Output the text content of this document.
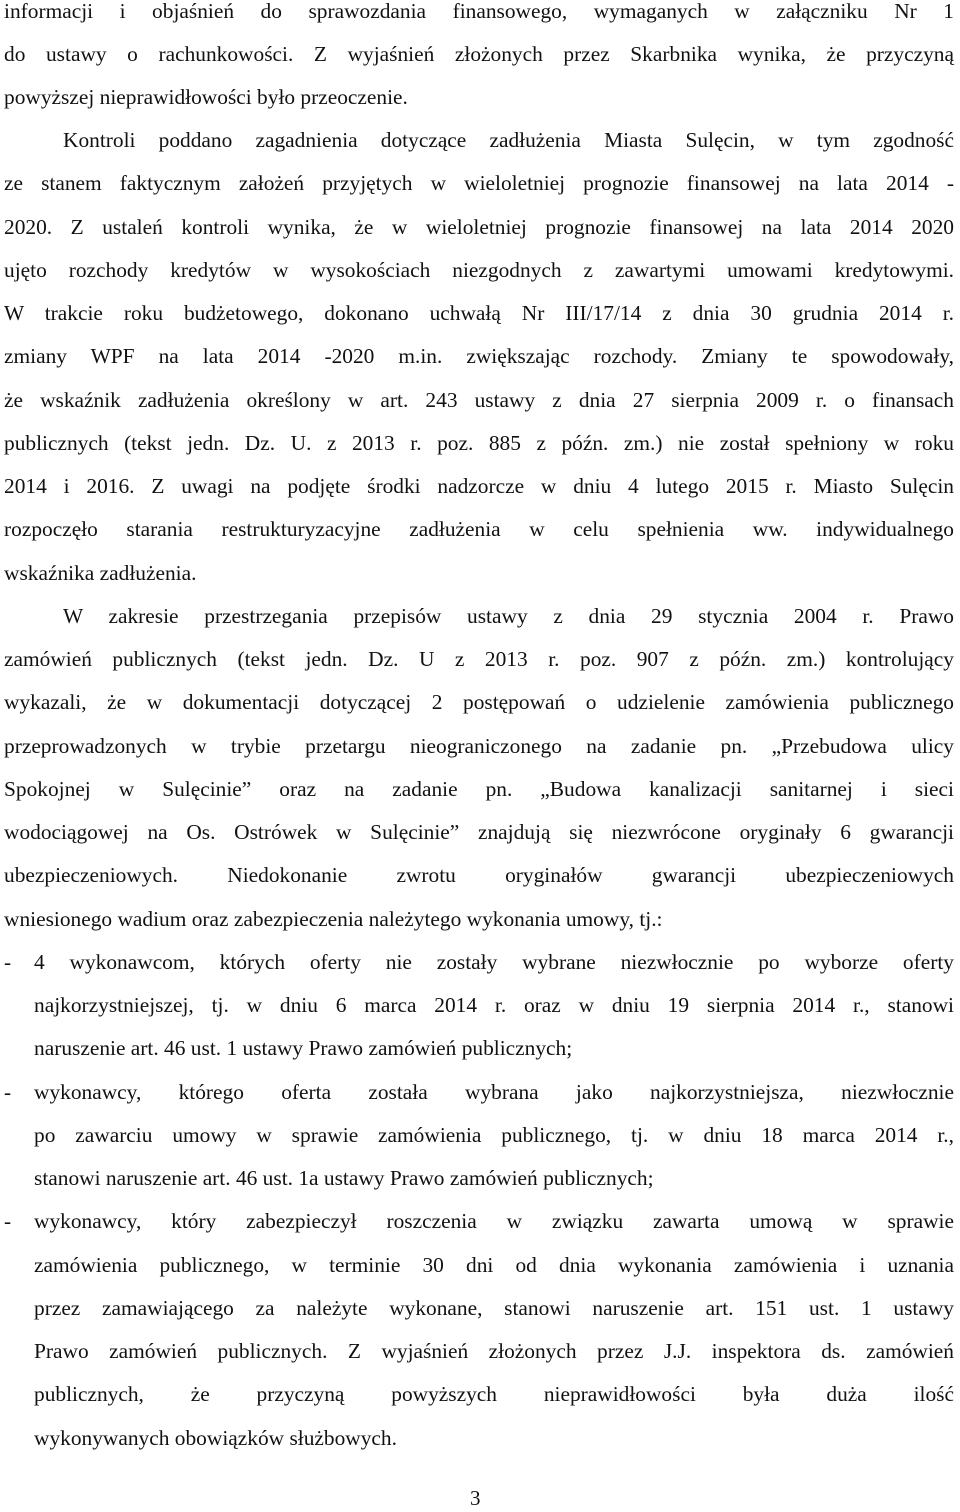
informacji i objaśnień do sprawozdania finansowego, wymaganych w załączniku Nr 1
do ustawy o rachunkowości. Z wyjaśnień złożonych przez Skarbnika wynika, że przyczyną
powyższej nieprawidłowości było przeoczenie.
Kontroli poddano zagadnienia dotyczące zadłużenia Miasta Sulęcin, w tym zgodność
ze stanem faktycznym założeń przyjętych w wieloletniej prognozie finansowej na lata 2014 -
2020. Z ustaleń kontroli wynika, że w wieloletniej prognozie finansowej na lata 2014 2020
ujęto rozchody kredytów w wysokościach niezgodnych z zawartymi umowami kredytowymi.
W trakcie roku budżetowego, dokonano uchwałą Nr III/17/14 z dnia 30 grudnia 2014 r.
zmiany WPF na lata 2014 -2020 m.in. zwiększając rozchody. Zmiany te spowodowały,
że wskaźnik zadłużenia określony w art. 243 ustawy z dnia 27 sierpnia 2009 r. o finansach
publicznych (tekst jedn. Dz. U. z 2013 r. poz. 885 z późn. zm.) nie został spełniony w roku
2014 i 2016. Z uwagi na podjęte środki nadzorcze w dniu 4 lutego 2015 r. Miasto Sulęcin
rozpoczęło starania restrukturyzacyjne zadłużenia w celu spełnienia ww. indywidualnego
wskaźnika zadłużenia.
W zakresie przestrzegania przepisów ustawy z dnia 29 stycznia 2004 r. Prawo
zamówień publicznych (tekst jedn. Dz. U z 2013 r. poz. 907 z późn. zm.) kontrolujący
wykazali, że w dokumentacji dotyczącej 2 postępowań o udzielenie zamówienia publicznego
przeprowadzonych w trybie przetargu nieograniczonego na zadanie pn. „Przebudowa ulicy
Spokojnej w Sulęcinie” oraz na zadanie pn. „Budowa kanalizacji sanitarnej i sieci
wodociągowej na Os. Ostrówek w Sulęcinie” znajdują się niezwrócone oryginały 6 gwarancji
ubezpieczeniowych. Niedokonanie zwrotu oryginałów gwarancji ubezpieczeniowych
wniesionego wadium oraz zabezpieczenia należytego wykonania umowy, tj.:
- 4 wykonawcom, których oferty nie zostały wybrane niezwłocznie po wyborze oferty
najkorzystniejszej, tj. w dniu 6 marca 2014 r. oraz w dniu 19 sierpnia 2014 r., stanowi
naruszenie art. 46 ust. 1 ustawy Prawo zamówień publicznych;
- wykonawcy, którego oferta została wybrana jako najkorzystniejsza, niezwłocznie
po zawarciu umowy w sprawie zamówienia publicznego, tj. w dniu 18 marca 2014 r.,
stanowi naruszenie art. 46 ust. 1a ustawy Prawo zamówień publicznych;
- wykonawcy, który zabezpieczył roszczenia w związku zawarta umową w sprawie
zamówienia publicznego, w terminie 30 dni od dnia wykonania zamówienia i uznania
przez zamawiającego za należyte wykonane, stanowi naruszenie art. 151 ust. 1 ustawy
Prawo zamówień publicznych. Z wyjaśnień złożonych przez J.J. inspektora ds. zamówień
publicznych, że przyczyną powyższych nieprawidłowości była duża ilość
wykonywanych obowiązków służbowych.
3
